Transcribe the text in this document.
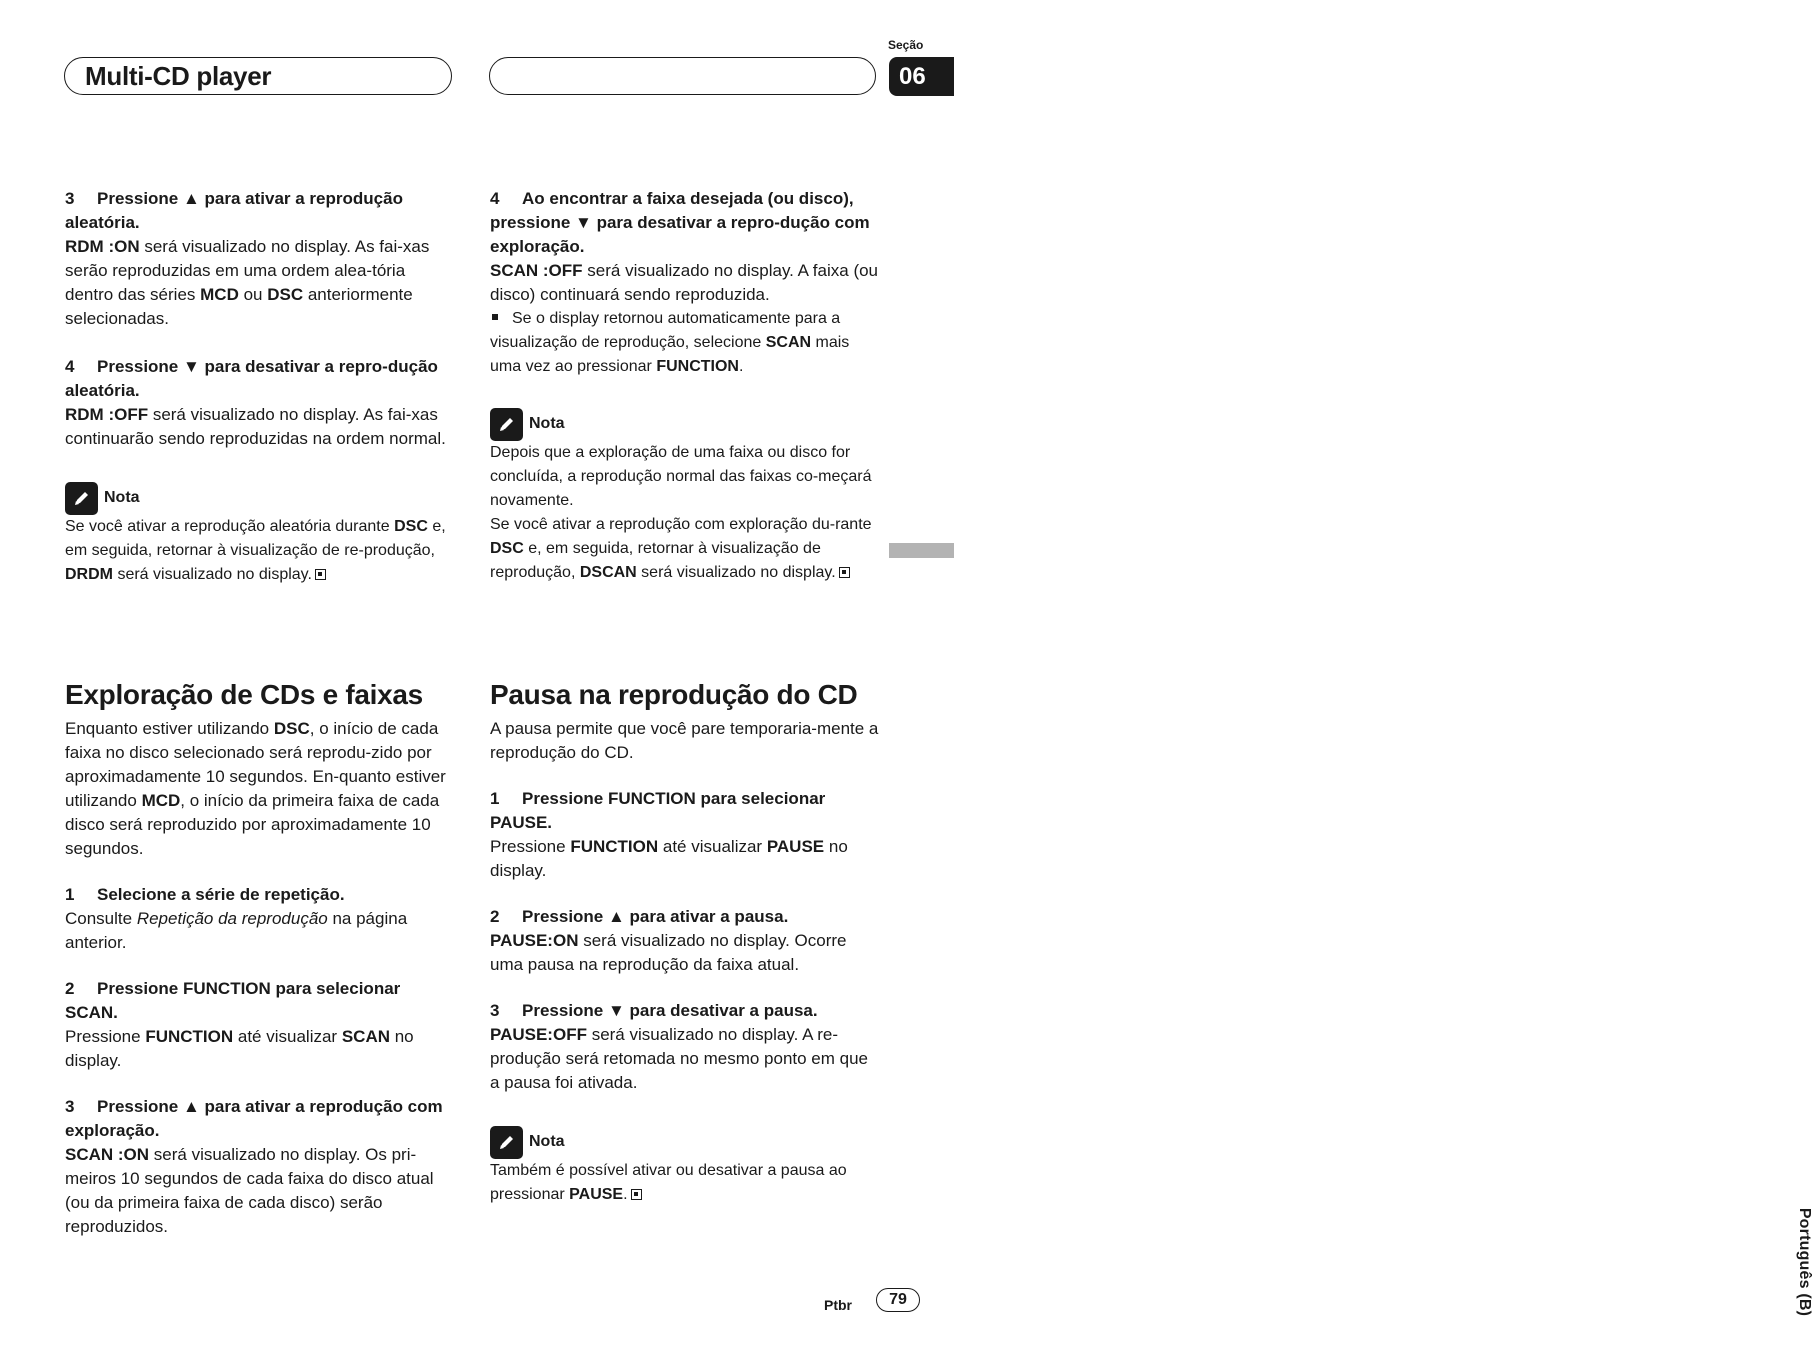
Multi-CD player
Seção
06
Português (B)

3 Pressione ▲ para ativar a reprodução aleatória.

RDM :ON será visualizado no display. As fai-xas serão reproduzidas em uma ordem alea-tória dentro das séries MCD ou DSC anteriormente selecionadas.

4 Pressione ▼ para desativar a repro-dução aleatória.

RDM :OFF será visualizado no display. As fai-xas continuarão sendo reproduzidas na ordem normal.

Nota

Se você ativar a reprodução aleatória durante DSC e, em seguida, retornar à visualização de re-produção, DRDM será visualizado no display.

4 Ao encontrar a faixa desejada (ou disco), pressione ▼ para desativar a repro-dução com exploração.

SCAN :OFF será visualizado no display. A faixa (ou disco) continuará sendo reproduzida.

Se o display retornou automaticamente para a visualização de reprodução, selecione SCAN mais uma vez ao pressionar FUNCTION.

Nota

Depois que a exploração de uma faixa ou disco for concluída, a reprodução normal das faixas co-meçará novamente.

Se você ativar a reprodução com exploração du-rante DSC e, em seguida, retornar à visualização de reprodução, DSCAN será visualizado no display.

Exploração de CDs e faixas

Enquanto estiver utilizando DSC, o início de cada faixa no disco selecionado será reprodu-zido por aproximadamente 10 segundos. En-quanto estiver utilizando MCD, o início da primeira faixa de cada disco será reproduzido por aproximadamente 10 segundos.

1 Selecione a série de repetição.

Consulte Repetição da reprodução na página anterior.

2 Pressione FUNCTION para selecionar SCAN.

Pressione FUNCTION até visualizar SCAN no display.

3 Pressione ▲ para ativar a reprodução com exploração.

SCAN :ON será visualizado no display. Os pri-meiros 10 segundos de cada faixa do disco atual (ou da primeira faixa de cada disco) serão reproduzidos.

Pausa na reprodução do CD

A pausa permite que você pare temporaria-mente a reprodução do CD.

1 Pressione FUNCTION para selecionar PAUSE.

Pressione FUNCTION até visualizar PAUSE no display.

2 Pressione ▲ para ativar a pausa.

PAUSE:ON será visualizado no display. Ocorre uma pausa na reprodução da faixa atual.

3 Pressione ▼ para desativar a pausa.

PAUSE:OFF será visualizado no display. A re-produção será retomada no mesmo ponto em que a pausa foi ativada.

Nota

Também é possível ativar ou desativar a pausa ao pressionar PAUSE.

Ptbr	79
